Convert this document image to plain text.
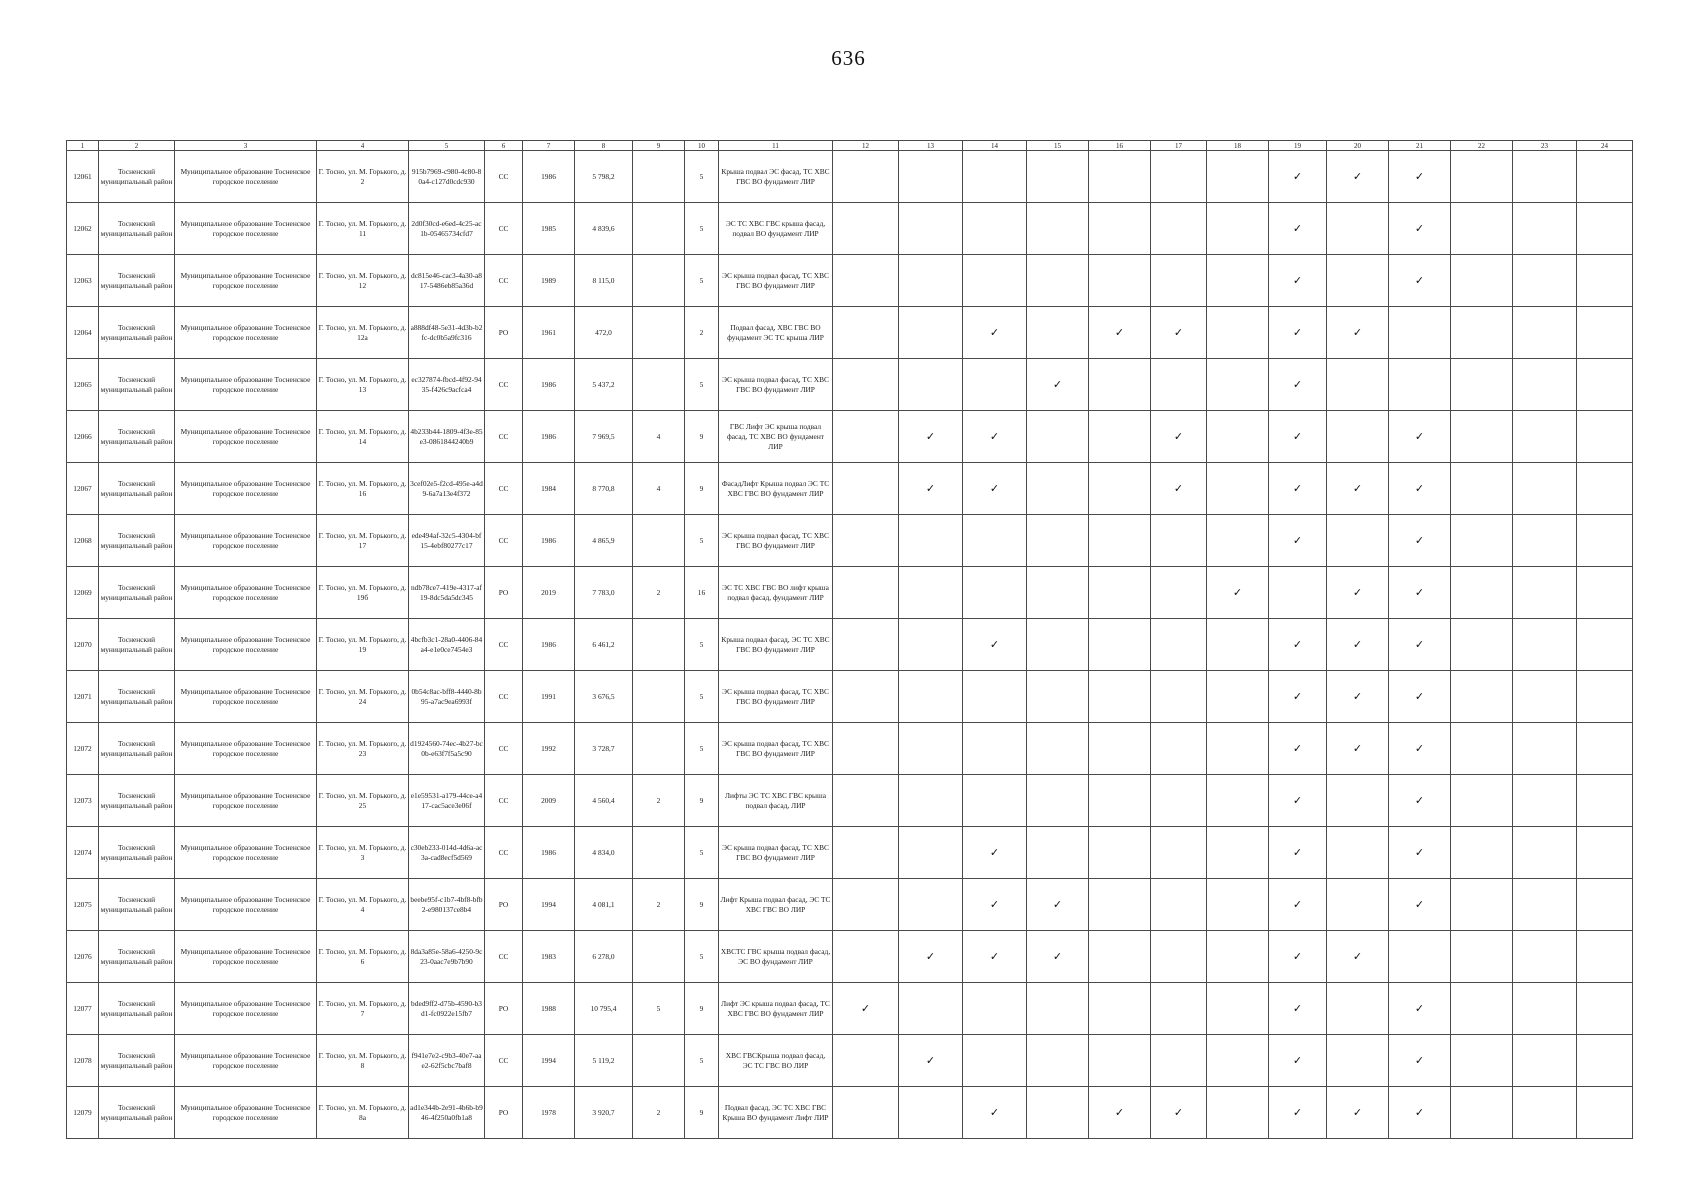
636
1	2	3	4	5	6	7	8	9	10	11	12	13	14	15	16	17	18	19	20	21	22	23	24
12061	Тосненский муниципальный район	Муниципальное образование Тосненское городское поселение	Г. Тосно, ул. М. Горького, д. 2	915b7969-c980-4c80-80a4-c127d0cdc930	СС	1986	5 798,2		5	Крыша подвал ЭС фасад, ТС ХВС ГВС ВО фундамент ЛИР								✓	✓	✓			
12062	Тосненский муниципальный район	Муниципальное образование Тосненское городское поселение	Г. Тосно, ул. М. Горького, д. 11	2d0f30cd-e6ed-4c25-ac1b-05465734cfd7	СС	1985	4 839,6		5	ЭС ТС ХВС ГВС крыша фасад, подвал ВО фундамент ЛИР								✓		✓			
12063	Тосненский муниципальный район	Муниципальное образование Тосненское городское поселение	Г. Тосно, ул. М. Горького, д. 12	dc815e46-cac3-4a30-a817-5486eb85a36d	СС	1989	8 115,0		5	ЭС крыша подвал фасад, ТС ХВС ГВС ВО фундамент ЛИР								✓		✓			
12064	Тосненский муниципальный район	Муниципальное образование Тосненское городское поселение	Г. Тосно, ул. М. Горького, д. 12а	a888df48-5e31-4d3b-b2fc-dc0b5a9fc316	РО	1961	472,0		2	Подвал фасад, ХВС ГВС ВО фундамент ЭС ТС крыша ЛИР			✓		✓	✓		✓	✓				
12065	Тосненский муниципальный район	Муниципальное образование Тосненское городское поселение	Г. Тосно, ул. М. Горького, д. 13	ec327874-fbcd-4f92-9435-f426c9acfca4	СС	1986	5 437,2		5	ЭС крыша подвал фасад, ТС ХВС ГВС ВО фундамент ЛИР				✓				✓					
12066	Тосненский муниципальный район	Муниципальное образование Тосненское городское поселение	Г. Тосно, ул. М. Горького, д. 14	4b233b44-1809-4f3e-85e3-0861844240b9	СС	1986	7 969,5	4	9	ГВС Лифт ЭС крыша подвал фасад, ТС ХВС ВО фундамент ЛИР		✓	✓			✓		✓		✓			
12067	Тосненский муниципальный район	Муниципальное образование Тосненское городское поселение	Г. Тосно, ул. М. Горького, д. 16	3cef02e5-f2cd-495e-a4d9-6a7a13e4f372	СС	1984	8 770,8	4	9	ФасадЛифт Крыша подвал ЭС ТС ХВС ГВС ВО фундамент ЛИР		✓	✓			✓		✓	✓	✓			
12068	Тосненский муниципальный район	Муниципальное образование Тосненское городское поселение	Г. Тосно, ул. М. Горького, д. 17	ede494af-32c5-4304-bf15-4ebf80277c17	СС	1986	4 865,9		5	ЭС крыша подвал фасад, ТС ХВС ГВС ВО фундамент ЛИР								✓		✓			
12069	Тосненский муниципальный район	Муниципальное образование Тосненское городское поселение	Г. Тосно, ул. М. Горького, д. 19б	ndb78ce7-419e-4317-af19-8dc5da5dc345	РО	2019	7 783,0	2	16	ЭС ТС ХВС ГВС ВО лифт крыша подвал фасад, фундамент ЛИР							✓		✓	✓			
12070	Тосненский муниципальный район	Муниципальное образование Тосненское городское поселение	Г. Тосно, ул. М. Горького, д. 19	4bcfb3c1-28a0-4406-84a4-e1e0ce7454e3	СС	1986	6 461,2		5	Крыша подвал фасад, ЭС ТС ХВС ГВС ВО фундамент ЛИР			✓					✓	✓	✓			
12071	Тосненский муниципальный район	Муниципальное образование Тосненское городское поселение	Г. Тосно, ул. М. Горького, д. 24	0b54c8ac-bff8-4440-8b95-a7ac9ea6993f	СС	1991	3 676,5		5	ЭС крыша подвал фасад, ТС ХВС ГВС ВО фундамент ЛИР								✓	✓	✓			
12072	Тосненский муниципальный район	Муниципальное образование Тосненское городское поселение	Г. Тосно, ул. М. Горького, д. 23	d1924560-74ec-4b27-bc0b-e63f7f5a5c90	СС	1992	3 728,7		5	ЭС крыша подвал фасад, ТС ХВС ГВС ВО фундамент ЛИР								✓	✓	✓			
12073	Тосненский муниципальный район	Муниципальное образование Тосненское городское поселение	Г. Тосно, ул. М. Горького, д. 25	e1e59531-a179-44ce-a417-cac5ace3e06f	СС	2009	4 560,4	2	9	Лифты ЭС ТС ХВС ГВС крыша подвал фасад, ЛИР								✓		✓			
12074	Тосненский муниципальный район	Муниципальное образование Тосненское городское поселение	Г. Тосно, ул. М. Горького, д. 3	c30eb233-014d-4d6a-ac3a-cad8ecf5d569	СС	1986	4 834,0		5	ЭС крыша подвал фасад, ТС ХВС ГВС ВО фундамент ЛИР			✓					✓		✓			
12075	Тосненский муниципальный район	Муниципальное образование Тосненское городское поселение	Г. Тосно, ул. М. Горького, д. 4	beebe95f-c1b7-4bf8-bfb2-e980137ce8b4	РО	1994	4 081,1	2	9	Лифт Крыша подвал фасад, ЭС ТС ХВС ГВС ВО ЛИР			✓	✓				✓		✓			
12076	Тосненский муниципальный район	Муниципальное образование Тосненское городское поселение	Г. Тосно, ул. М. Горького, д. 6	8da3a85e-58a6-4250-9c23-0aac7e9b7b90	СС	1983	6 278,0		5	ХВСТС ГВС крыша подвал фасад, ЭС ВО фундамент ЛИР		✓	✓	✓				✓	✓				
12077	Тосненский муниципальный район	Муниципальное образование Тосненское городское поселение	Г. Тосно, ул. М. Горького, д. 7	bded9ff2-d75b-4590-b3d1-fc0922e15fb7	РО	1988	10 795,4	5	9	Лифт ЭС крыша подвал фасад, ТС ХВС ГВС ВО фундамент ЛИР	✓							✓		✓			
12078	Тосненский муниципальный район	Муниципальное образование Тосненское городское поселение	Г. Тосно, ул. М. Горького, д. 8	f941e7e2-c9b3-40e7-aae2-62f5cbc7baf8	СС	1994	5 119,2		5	ХВС ГВСКрыша подвал фасад, ЭС ТС ГВС ВО ЛИР		✓						✓		✓			
12079	Тосненский муниципальный район	Муниципальное образование Тосненское городское поселение	Г. Тосно, ул. М. Горького, д. 8а	ad1e344b-2e91-4b6b-b946-4f250a0fb1a8	РО	1978	3 920,7	2	9	Подвал фасад, ЭС ТС ХВС ГВС Крыша ВО фундамент Лифт ЛИР			✓		✓	✓		✓	✓	✓			
